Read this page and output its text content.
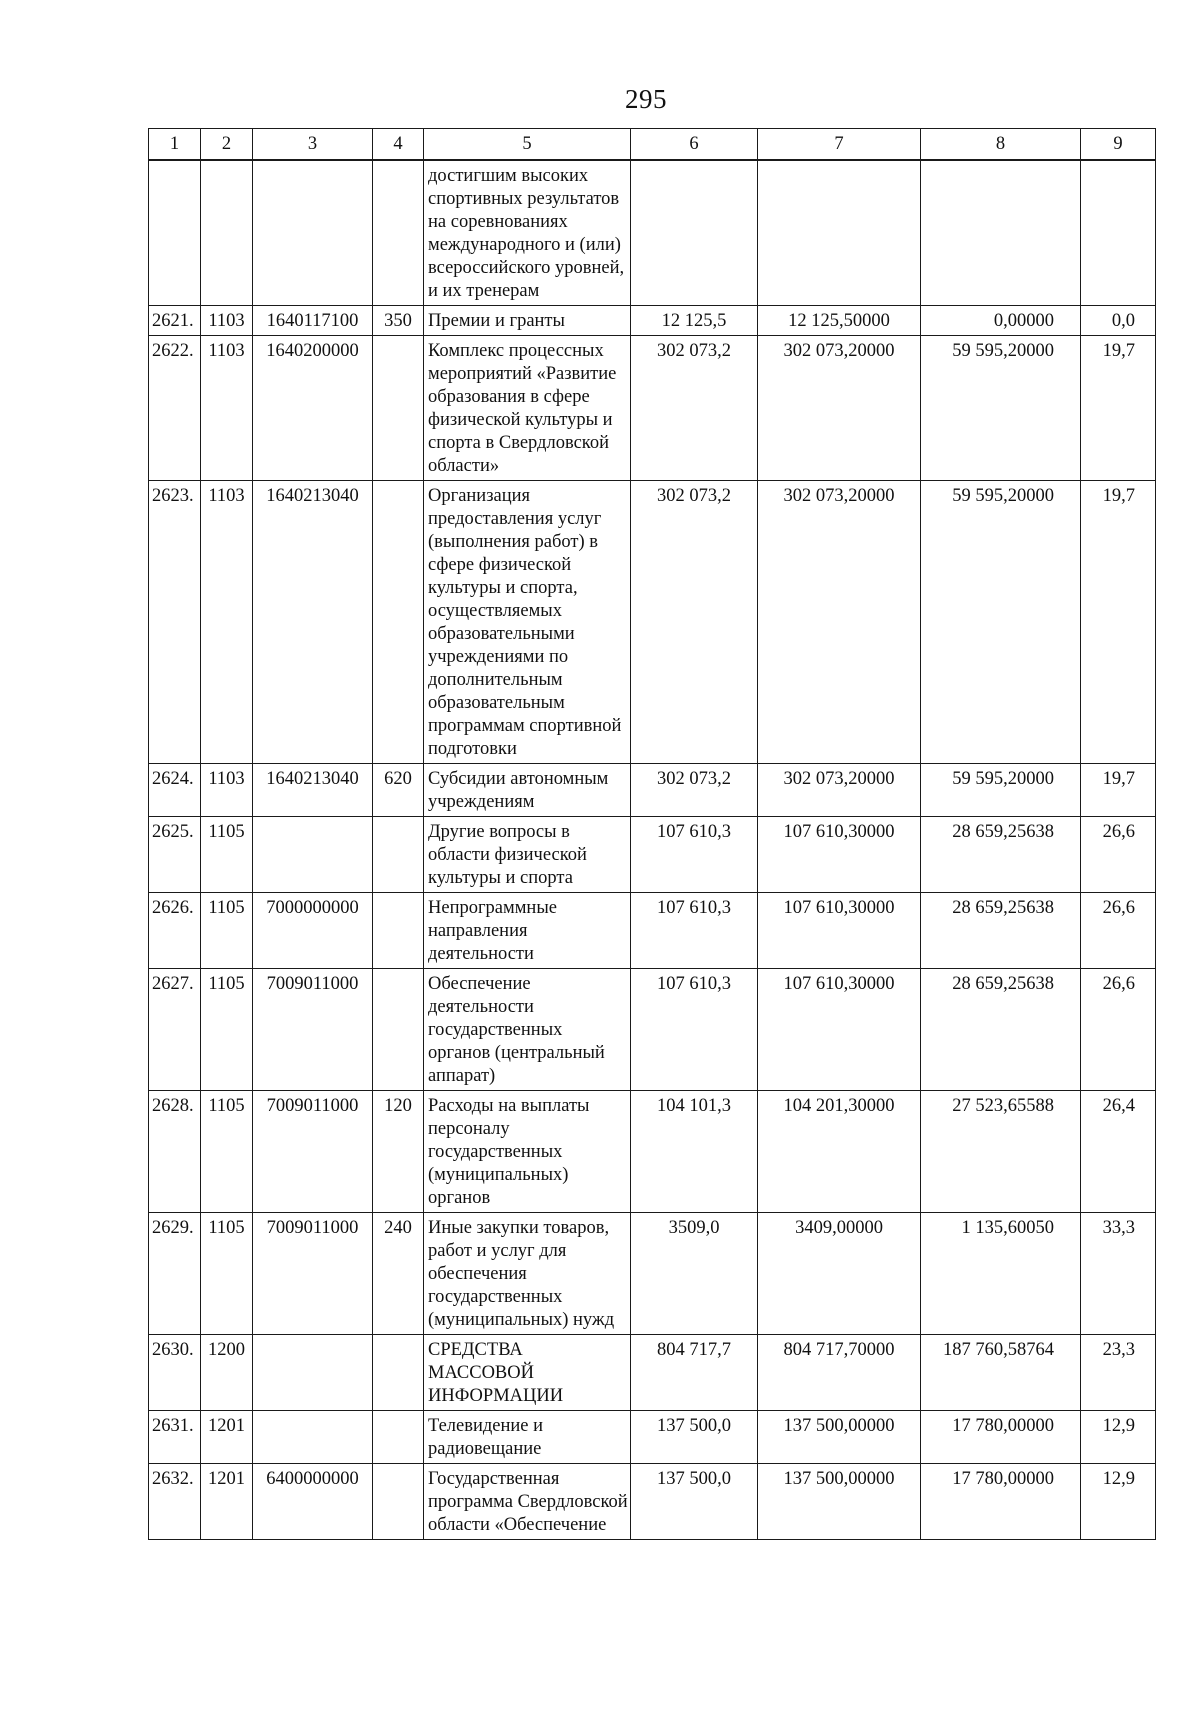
295
1	2	3	4	5	6	7	8	9
				достигшим высоких спортивных результатов на соревнованиях международного и (или) всероссийского уровней, и их тренерам				
2621.	1103	1640117100	350	Премии и гранты	12 125,5	12 125,50000	0,00000	0,0
2622.	1103	1640200000		Комплекс процессных мероприятий «Развитие образования в сфере физической культуры и спорта в Свердловской области»	302 073,2	302 073,20000	59 595,20000	19,7
2623.	1103	1640213040		Организация предоставления услуг (выполнения работ) в сфере физической культуры и спорта, осуществляемых образовательными учреждениями по дополнительным образовательным программам спортивной подготовки	302 073,2	302 073,20000	59 595,20000	19,7
2624.	1103	1640213040	620	Субсидии автономным учреждениям	302 073,2	302 073,20000	59 595,20000	19,7
2625.	1105			Другие вопросы в области физической культуры и спорта	107 610,3	107 610,30000	28 659,25638	26,6
2626.	1105	7000000000		Непрограммные направления деятельности	107 610,3	107 610,30000	28 659,25638	26,6
2627.	1105	7009011000		Обеспечение деятельности государственных органов (центральный аппарат)	107 610,3	107 610,30000	28 659,25638	26,6
2628.	1105	7009011000	120	Расходы на выплаты персоналу государственных (муниципальных) органов	104 101,3	104 201,30000	27 523,65588	26,4
2629.	1105	7009011000	240	Иные закупки товаров, работ и услуг для обеспечения государственных (муниципальных) нужд	3509,0	3409,00000	1 135,60050	33,3
2630.	1200			СРЕДСТВА МАССОВОЙ ИНФОРМАЦИИ	804 717,7	804 717,70000	187 760,58764	23,3
2631.	1201			Телевидение и радиовещание	137 500,0	137 500,00000	17 780,00000	12,9
2632.	1201	6400000000		Государственная программа Свердловской области «Обеспечение	137 500,0	137 500,00000	17 780,00000	12,9
